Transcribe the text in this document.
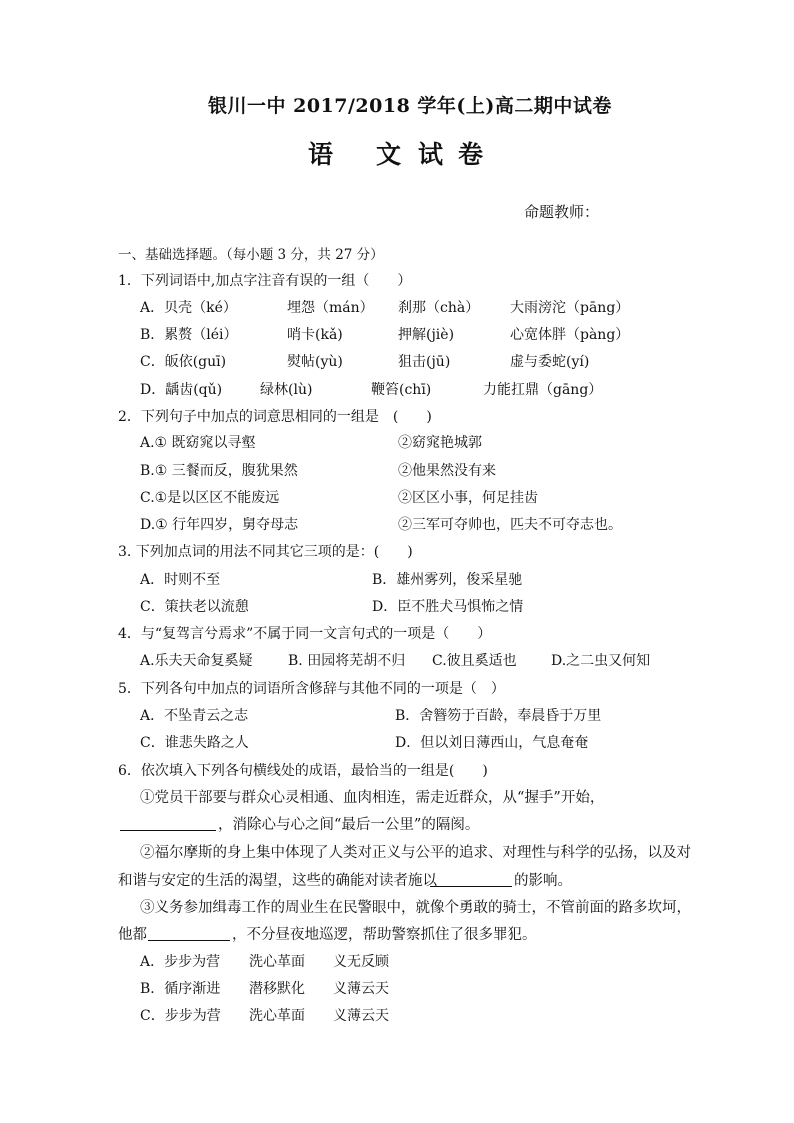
银川一中 2017/2018 学年(上)高二期中试卷
语 文 试 卷
命题教师：
一、基础选择题。（每小题 3 分，共 27 分）
1．下列词语中,加点字注音有误的一组（　　）
A．贝壳（ké）	埋怨（mán） 刹那（chà） 大雨滂沱（pāng）
B．累赘（léi）	哨卡(kǎ)	押解(jiè)	心宽体胖（pàng）
C．皈依(guī)	熨帖(yù)	狙击(jū)	虚与委蛇(yí)
D．龋齿(qǔ)	绿林(lù)	鞭笞(chī)	力能扛鼎（gāng）
2．下列句子中加点的词意思相同的一组是　(　　)
A.① 既窈窕以寻壑	②窈窕艳城郭
B.① 三餐而反，腹犹果然	②他果然没有来
C.①是以区区不能废远	②区区小事，何足挂齿
D.① 行年四岁，舅夺母志	②三军可夺帅也，匹夫不可夺志也。
3. 下列加点词的用法不同其它三项的是：(　　)
A．时则不至	B．雄州雾列，俊采星驰
C．策扶老以流憩	D．臣不胜犬马惧怖之情
4．与“复驾言兮焉求”不属于同一文言句式的一项是（　　）
A.乐夫天命复奚疑	B. 田园将芜胡不归 C.彼且奚适也 D.之二虫又何知
5．下列各句中加点的词语所含修辞与其他不同的一项是（　）
A．不坠青云之志	B．舍簪笏于百龄，奉晨昏于万里
C．谁悲失路之人	D．但以刘日薄西山，气息奄奄
6．依次填入下列各句横线处的成语，最恰当的一组是(　　)
①党员干部要与群众心灵相通、血肉相连，需走近群众，从“握手”开始，
，消除心与心之间“最后一公里”的隔阂。
②福尔摩斯的身上集中体现了人类对正义与公平的追求、对理性与科学的弘扬，以及对
和谐与安定的生活的渴望，这些的确能对读者施以	的影响。
③义务参加缉毒工作的周业生在民警眼中，就像个勇敢的骑士，不管前面的路多坎坷，
他都	，不分昼夜地巡逻，帮助警察抓住了很多罪犯。
A．步步为营 洗心革面 义无反顾
B．循序渐进 潜移默化 义薄云天
C．步步为营 洗心革面 义薄云天
